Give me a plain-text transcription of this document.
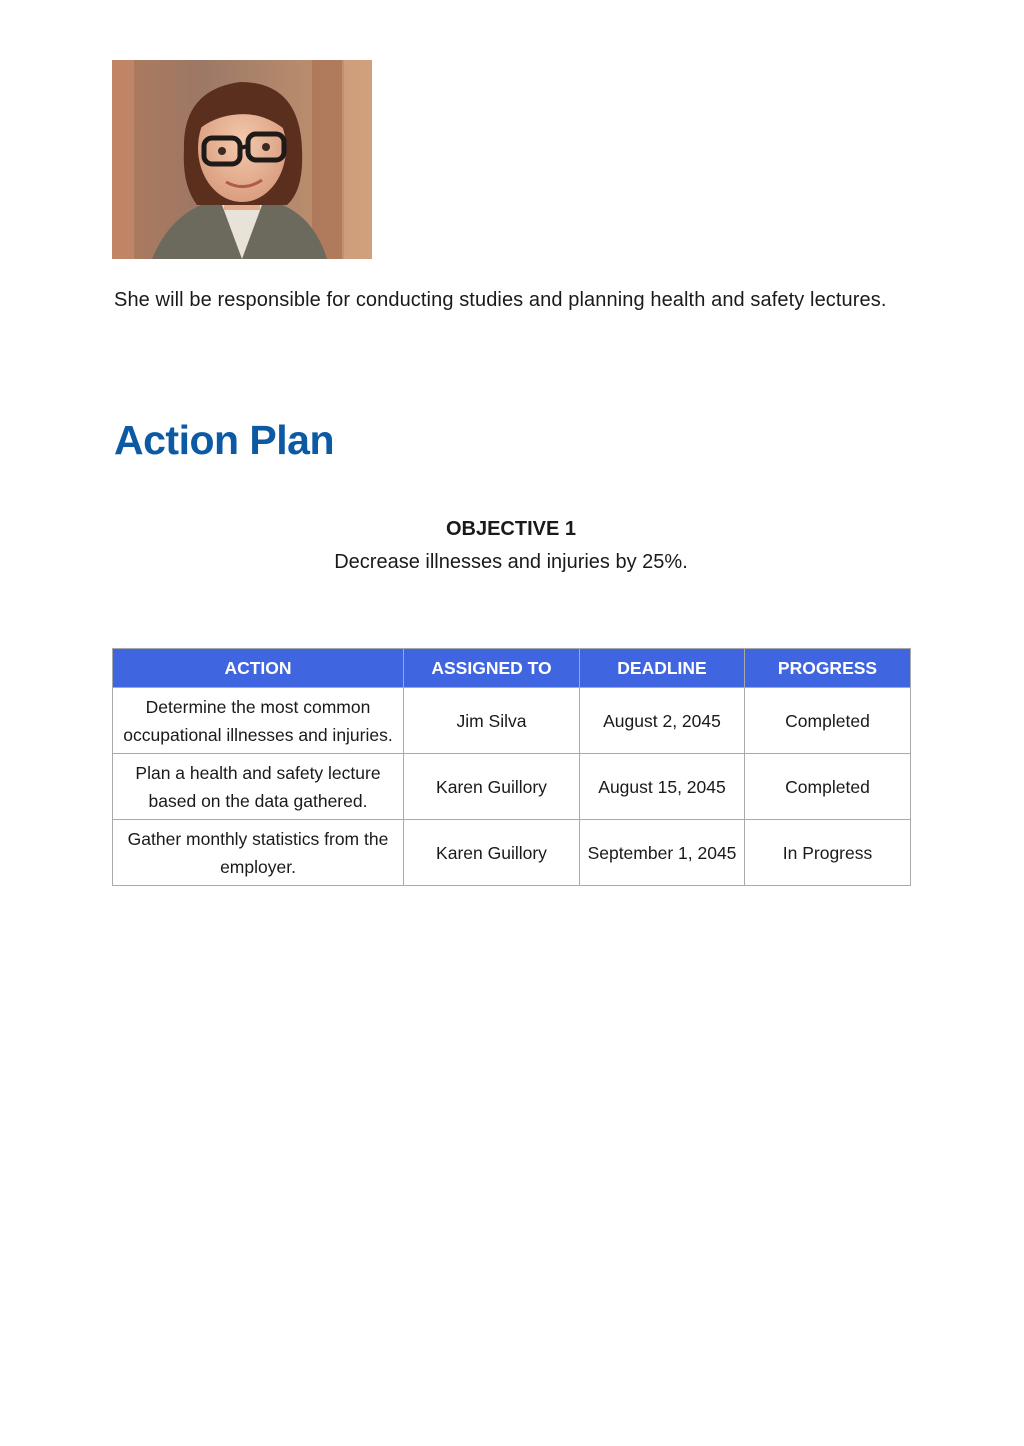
She will be responsible for conducting studies and planning health and safety lectures.

Action Plan

OBJECTIVE 1

Decrease illnesses and injuries by 25%.

ACTION	ASSIGNED TO	DEADLINE	PROGRESS
Determine the most common occupational illnesses and injuries.	Jim Silva	August 2, 2045	Completed
Plan a health and safety lecture based on the data gathered.	Karen Guillory	August 15, 2045	Completed
Gather monthly statistics from the employer.	Karen Guillory	September 1, 2045	In Progress
